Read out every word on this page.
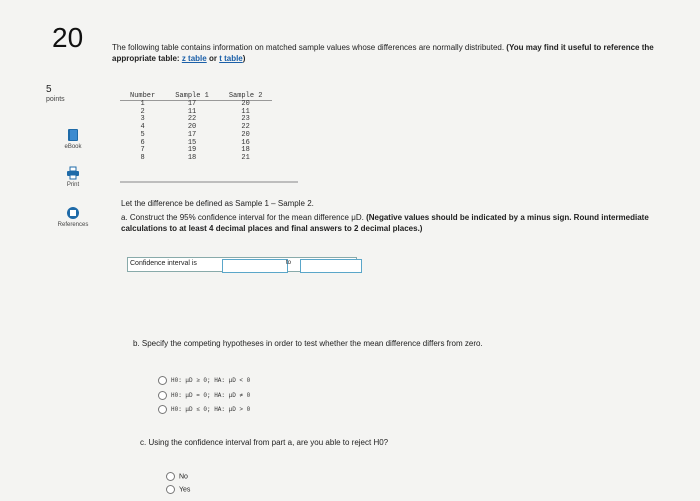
20	The following table contains information on matched sample values whose differences are normally distributed. (You may find it useful to reference the appropriate table: z table or t table)
5
points
eBook
Print
References
Number	Sample 1	Sample 2
1	17	20
2	11	11
3	22	23
4	20	22
5	17	20
6	15	16
7	19	18
8	18	21
Let the difference be defined as Sample 1 – Sample 2.
a. Construct the 95% confidence interval for the mean difference μD. (Negative values should be indicated by a minus sign. Round intermediate calculations to at least 4 decimal places and final answers to 2 decimal places.)
Confidence interval is	to
b. Specify the competing hypotheses in order to test whether the mean difference differs from zero.
H0: μD ≥ 0; HA: μD < 0
H0: μD = 0; HA: μD ≠ 0
H0: μD ≤ 0; HA: μD > 0
c. Using the confidence interval from part a, are you able to reject H0?
No
Yes
